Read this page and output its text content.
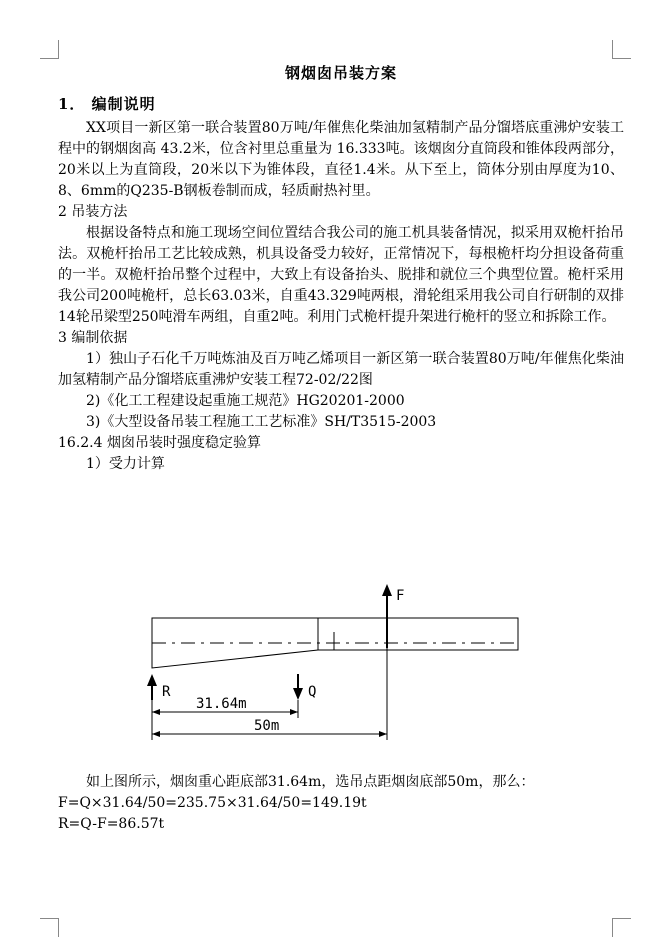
钢烟囱吊装方案
1． 编制说明

XX项目一新区第一联合装置80万吨/年催焦化柴油加氢精制产品分馏塔底重沸炉安装工程中的钢烟囱高 43.2米，位含衬里总重量为 16.333吨。该烟囱分直筒段和锥体段两部分，20米以上为直筒段，20米以下为锥体段，直径1.4米。从下至上，筒体分别由厚度为10、8、6mm的Q235-B钢板卷制而成，轻质耐热衬里。

2 吊装方法

根据设备特点和施工现场空间位置结合我公司的施工机具装备情况，拟采用双桅杆抬吊法。双桅杆抬吊工艺比较成熟，机具设备受力较好，正常情况下，每根桅杆均分担设备荷重的一半。双桅杆抬吊整个过程中，大致上有设备抬头、脱排和就位三个典型位置。桅杆采用我公司200吨桅杆，总长63.03米，自重43.329吨两根，滑轮组采用我公司自行研制的双排14轮吊梁型250吨滑车两组，自重2吨。利用门式桅杆提升架进行桅杆的竖立和拆除工作。

3 编制依据

1）独山子石化千万吨炼油及百万吨乙烯项目一新区第一联合装置80万吨/年催焦化柴油加氢精制产品分馏塔底重沸炉安装工程72-02/22图

2)《化工工程建设起重施工规范》HG20201-2000

3)《大型设备吊装工程施工工艺标准》SH/T3515-2003

16.2.4 烟囱吊装时强度稳定验算

1）受力计算

F
R	Q
31.64m
50m

如上图所示，烟囱重心距底部31.64m，选吊点距烟囱底部50m，那么：

F=Q×31.64/50=235.75×31.64/50=149.19t

R=Q-F=86.57t
